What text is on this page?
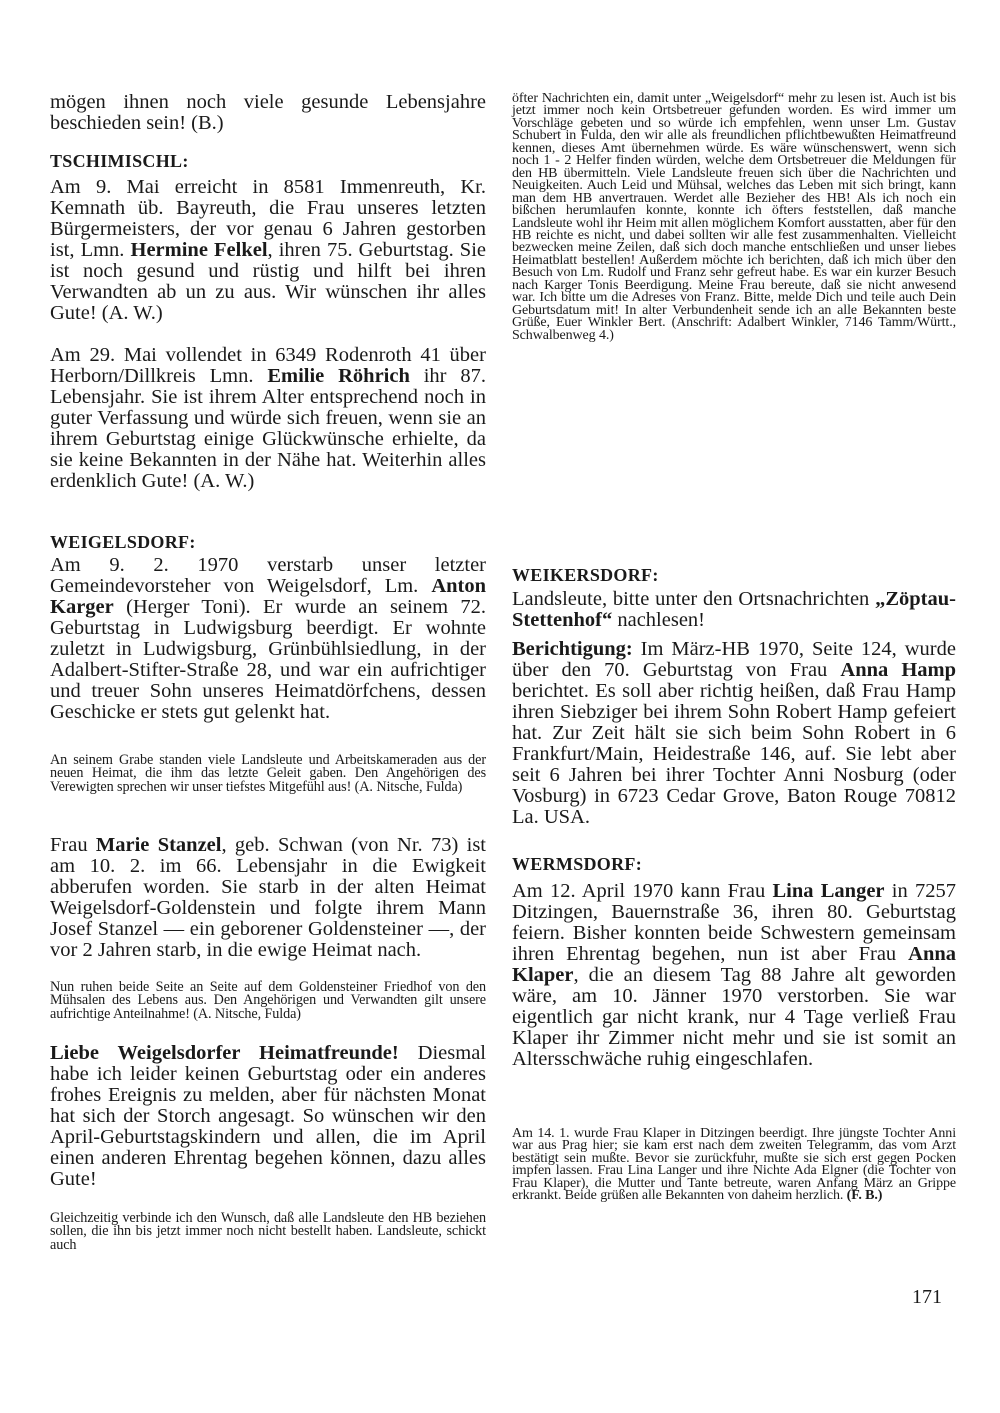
mögen ihnen noch viele gesunde Lebensjahre beschieden sein! (B.)

TSCHIMISCHL:

Am 9. Mai erreicht in 8581 Immenreuth, Kr. Kemnath üb. Bayreuth, die Frau unseres letzten Bürgermeisters, der vor genau 6 Jahren gestorben ist, Lmn. Hermine Felkel, ihren 75. Geburtstag. Sie ist noch gesund und rüstig und hilft bei ihren Verwandten ab un zu aus. Wir wünschen ihr alles Gute! (A. W.)

Am 29. Mai vollendet in 6349 Rodenroth 41 über Herborn/Dillkreis Lmn. Emilie Röhrich ihr 87. Lebensjahr. Sie ist ihrem Alter entsprechend noch in guter Verfassung und würde sich freuen, wenn sie an ihrem Geburtstag einige Glückwünsche erhielte, da sie keine Bekannten in der Nähe hat. Weiterhin alles erdenklich Gute! (A. W.)

WEIGELSDORF:

Am 9. 2. 1970 verstarb unser letzter Gemeindevorsteher von Weigelsdorf, Lm. Anton Karger (Herger Toni). Er wurde an seinem 72. Geburtstag in Ludwigsburg beerdigt. Er wohnte zuletzt in Ludwigsburg, Grünbühlsiedlung, in der Adalbert-Stifter-Straße 28, und war ein aufrichtiger und treuer Sohn unseres Heimatdörfchens, dessen Geschicke er stets gut gelenkt hat.

An seinem Grabe standen viele Landsleute und Arbeitskameraden aus der neuen Heimat, die ihm das letzte Geleit gaben. Den Angehörigen des Verewigten sprechen wir unser tiefstes Mitgefühl aus! (A. Nitsche, Fulda)

Frau Marie Stanzel, geb. Schwan (von Nr. 73) ist am 10. 2. im 66. Lebensjahr in die Ewigkeit abberufen worden. Sie starb in der alten Heimat Weigelsdorf-Goldenstein und folgte ihrem Mann Josef Stanzel — ein geborener Goldensteiner —, der vor 2 Jahren starb, in die ewige Heimat nach.

Nun ruhen beide Seite an Seite auf dem Goldensteiner Friedhof von den Mühsalen des Lebens aus. Den Angehörigen und Verwandten gilt unsere aufrichtige Anteilnahme! (A. Nitsche, Fulda)

Liebe Weigelsdorfer Heimatfreunde! Diesmal habe ich leider keinen Geburtstag oder ein anderes frohes Ereignis zu melden, aber für nächsten Monat hat sich der Storch angesagt. So wünschen wir den April-Geburtstagskindern und allen, die im April einen anderen Ehrentag begehen können, dazu alles Gute!

Gleichzeitig verbinde ich den Wunsch, daß alle Landsleute den HB beziehen sollen, die ihn bis jetzt immer noch nicht bestellt haben. Landsleute, schickt auch

öfter Nachrichten ein, damit unter „Weigelsdorf“ mehr zu lesen ist. Auch ist bis jetzt immer noch kein Ortsbetreuer gefunden worden. Es wird immer um Vorschläge gebeten und so würde ich empfehlen, wenn unser Lm. Gustav Schubert in Fulda, den wir alle als freundlichen pflichtbewußten Heimatfreund kennen, dieses Amt übernehmen würde. Es wäre wünschenswert, wenn sich noch 1 - 2 Helfer finden würden, welche dem Ortsbetreuer die Meldungen für den HB übermitteln. Viele Landsleute freuen sich über die Nachrichten und Neuigkeiten. Auch Leid und Mühsal, welches das Leben mit sich bringt, kann man dem HB anvertrauen. Werdet alle Bezieher des HB! Als ich noch ein bißchen herumlaufen konnte, konnte ich öfters feststellen, daß manche Landsleute wohl ihr Heim mit allen möglichem Komfort ausstatten, aber für den HB reichte es nicht, und dabei sollten wir alle fest zusammenhalten. Vielleicht bezwecken meine Zeilen, daß sich doch manche entschließen und unser liebes Heimatblatt bestellen! Außerdem möchte ich berichten, daß ich mich über den Besuch von Lm. Rudolf und Franz sehr gefreut habe. Es war ein kurzer Besuch nach Karger Tonis Beerdigung. Meine Frau bereute, daß sie nicht anwesend war. Ich bitte um die Adreses von Franz. Bitte, melde Dich und teile auch Dein Geburtsdatum mit! In alter Verbundenheit sende ich an alle Bekannten beste Grüße, Euer Winkler Bert. (Anschrift: Adalbert Winkler, 7146 Tamm/Württ., Schwalbenweg 4.)

WEIKERSDORF:

Landsleute, bitte unter den Ortsnachrichten „Zöptau-Stettenhof“ nachlesen!

Berichtigung: Im März-HB 1970, Seite 124, wurde über den 70. Geburtstag von Frau Anna Hamp berichtet. Es soll aber richtig heißen, daß Frau Hamp ihren Siebziger bei ihrem Sohn Robert Hamp gefeiert hat. Zur Zeit hält sie sich beim Sohn Robert in 6 Frankfurt/Main, Heidestraße 146, auf. Sie lebt aber seit 6 Jahren bei ihrer Tochter Anni Nosburg (oder Vosburg) in 6723 Cedar Grove, Baton Rouge 70812 La. USA.

WERMSDORF:

Am 12. April 1970 kann Frau Lina Langer in 7257 Ditzingen, Bauernstraße 36, ihren 80. Geburtstag feiern. Bisher konnten beide Schwestern gemeinsam ihren Ehrentag begehen, nun ist aber Frau Anna Klaper, die an diesem Tag 88 Jahre alt geworden wäre, am 10. Jänner 1970 verstorben. Sie war eigentlich gar nicht krank, nur 4 Tage verließ Frau Klaper ihr Zimmer nicht mehr und sie ist somit an Altersschwäche ruhig eingeschlafen.

Am 14. 1. wurde Frau Klaper in Ditzingen beerdigt. Ihre jüngste Tochter Anni war aus Prag hier; sie kam erst nach dem zweiten Telegramm, das vom Arzt bestätigt sein mußte. Bevor sie zurückfuhr, mußte sie sich erst gegen Pocken impfen lassen. Frau Lina Langer und ihre Nichte Ada Elgner (die Tochter von Frau Klaper), die Mutter und Tante betreute, waren Anfang März an Grippe erkrankt. Beide grüßen alle Bekannten von daheim herzlich. (F. B.)

171
